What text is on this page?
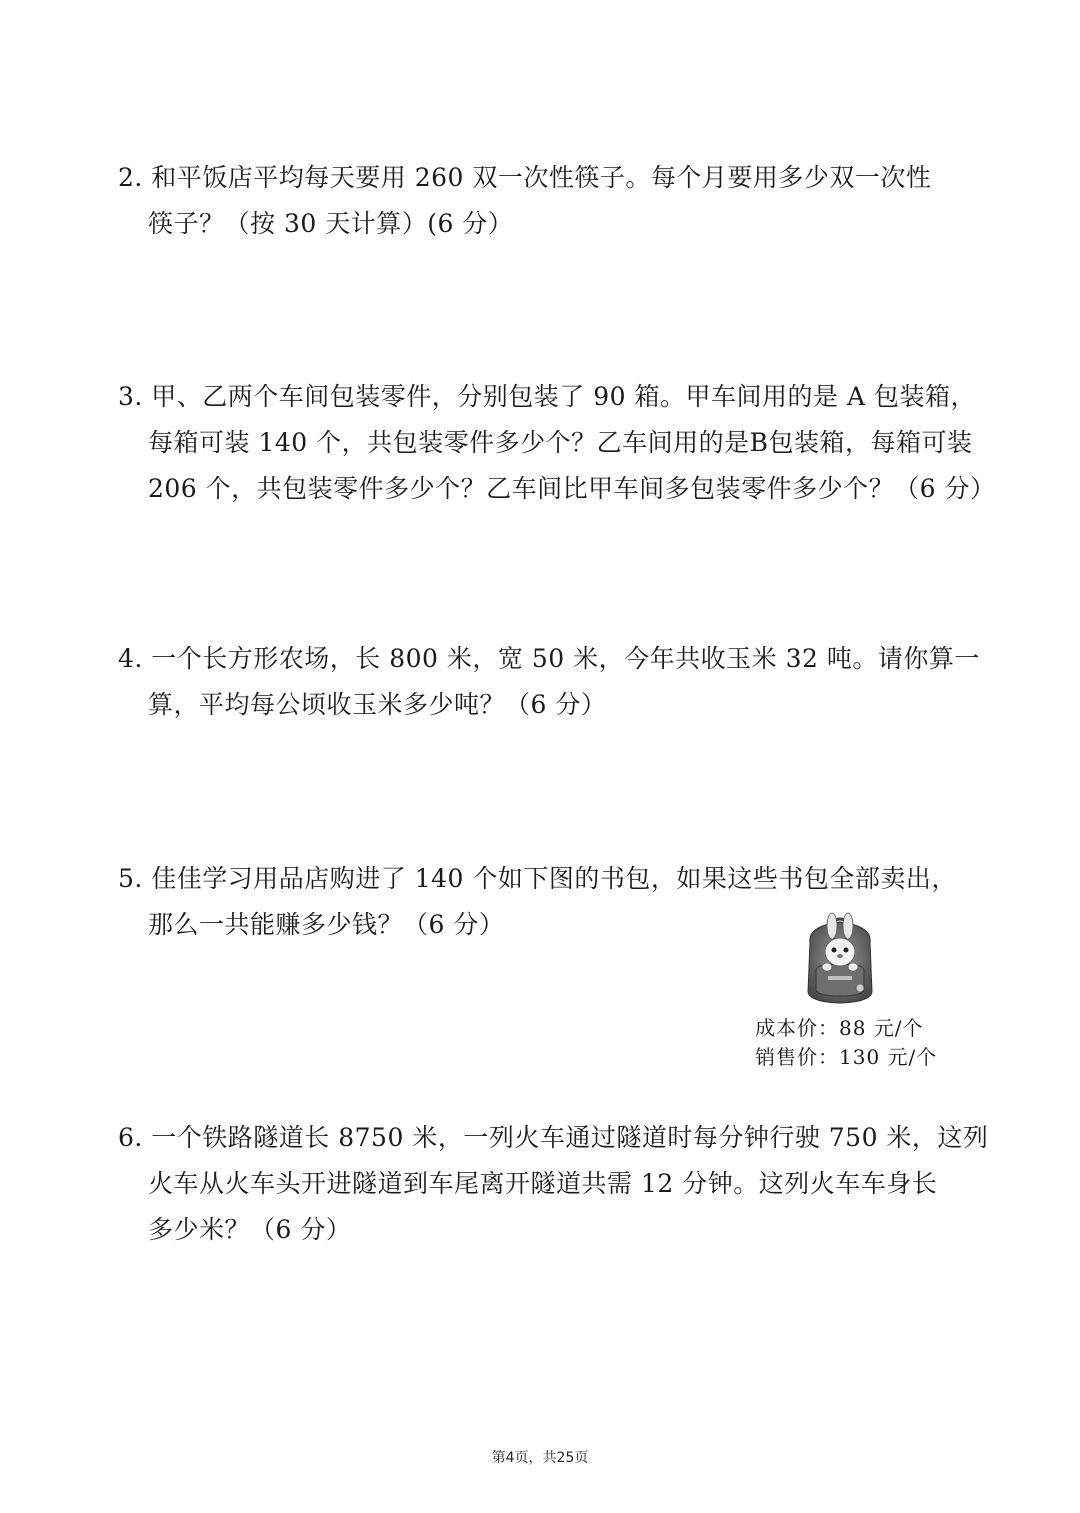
2. 和平饭店平均每天要用 260 双一次性筷子。每个月要用多少双一次性
筷子？（按 30 天计算）(6 分）
3. 甲、乙两个车间包装零件，分别包装了 90 箱。甲车间用的是 A 包装箱，
每箱可装 140 个，共包装零件多少个？乙车间用的是B包装箱，每箱可装
206 个，共包装零件多少个？乙车间比甲车间多包装零件多少个？（6 分）
4. 一个长方形农场，长 800 米，宽 50 米，今年共收玉米 32 吨。请你算一
算，平均每公顷收玉米多少吨？（6 分）
5. 佳佳学习用品店购进了 140 个如下图的书包，如果这些书包全部卖出，
那么一共能赚多少钱？（6 分）
成本价：88 元/个
销售价：130 元/个
6. 一个铁路隧道长 8750 米，一列火车通过隧道时每分钟行驶 750 米，这列
火车从火车头开进隧道到车尾离开隧道共需 12 分钟。这列火车车身长
多少米？（6 分）
第4页，共25页
